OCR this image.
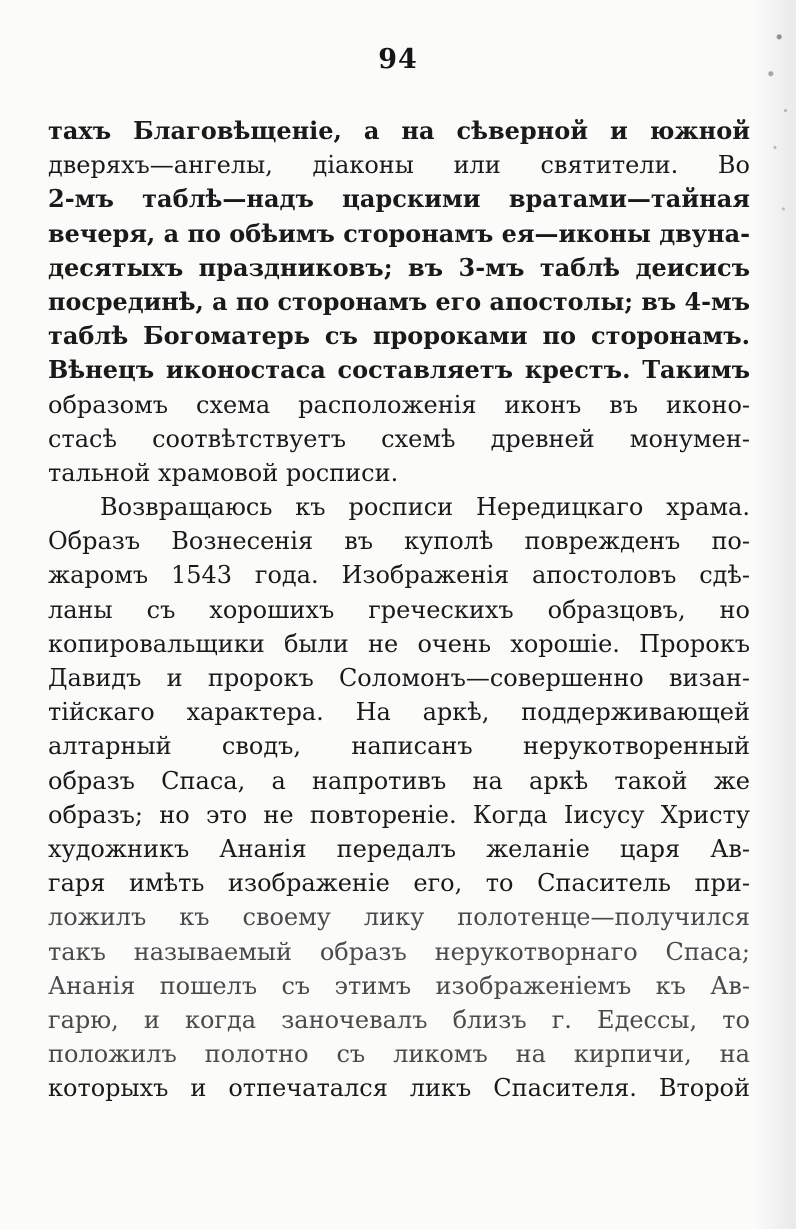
94
тахъ Благовѣщеніе, а на сѣверной и южной
дверяхъ—ангелы, діаконы или святители. Во
2-мъ таблѣ—надъ царскими вратами—тайная
вечеря, а по обѣимъ сторонамъ ея—иконы двуна-
десятыхъ праздниковъ; въ 3-мъ таблѣ деисисъ
посрединѣ, а по сторонамъ его апостолы; въ 4-мъ
таблѣ Богоматерь съ пророками по сторонамъ.
Вѣнецъ иконостаса составляетъ крестъ. Такимъ
образомъ схема расположенія иконъ въ иконо-
стасѣ соотвѣтствуетъ схемѣ древней монумен-
тальной храмовой росписи.
Возвращаюсь къ росписи Нередицкаго храма.
Образъ Вознесенія въ куполѣ поврежденъ по-
жаромъ 1543 года. Изображенія апостоловъ сдѣ-
ланы съ хорошихъ греческихъ образцовъ, но
копировальщики были не очень хорошіе. Пророкъ
Давидъ и пророкъ Соломонъ—совершенно визан-
тійскаго характера. На аркѣ, поддерживающей
алтарный сводъ, написанъ нерукотворенный
образъ Спаса, а напротивъ на аркѣ такой же
образъ; но это не повтореніе. Когда Іисусу Христу
художникъ Ананія передалъ желаніе царя Ав-
гаря имѣть изображеніе его, то Спаситель при-
ложилъ къ своему лику полотенце—получился
такъ называемый образъ нерукотворнаго Спаса;
Ананія пошелъ съ этимъ изображеніемъ къ Ав-
гарю, и когда заночевалъ близъ г. Едессы, то
положилъ полотно съ ликомъ на кирпичи, на
которыхъ и отпечатался ликъ Спасителя. Второй
